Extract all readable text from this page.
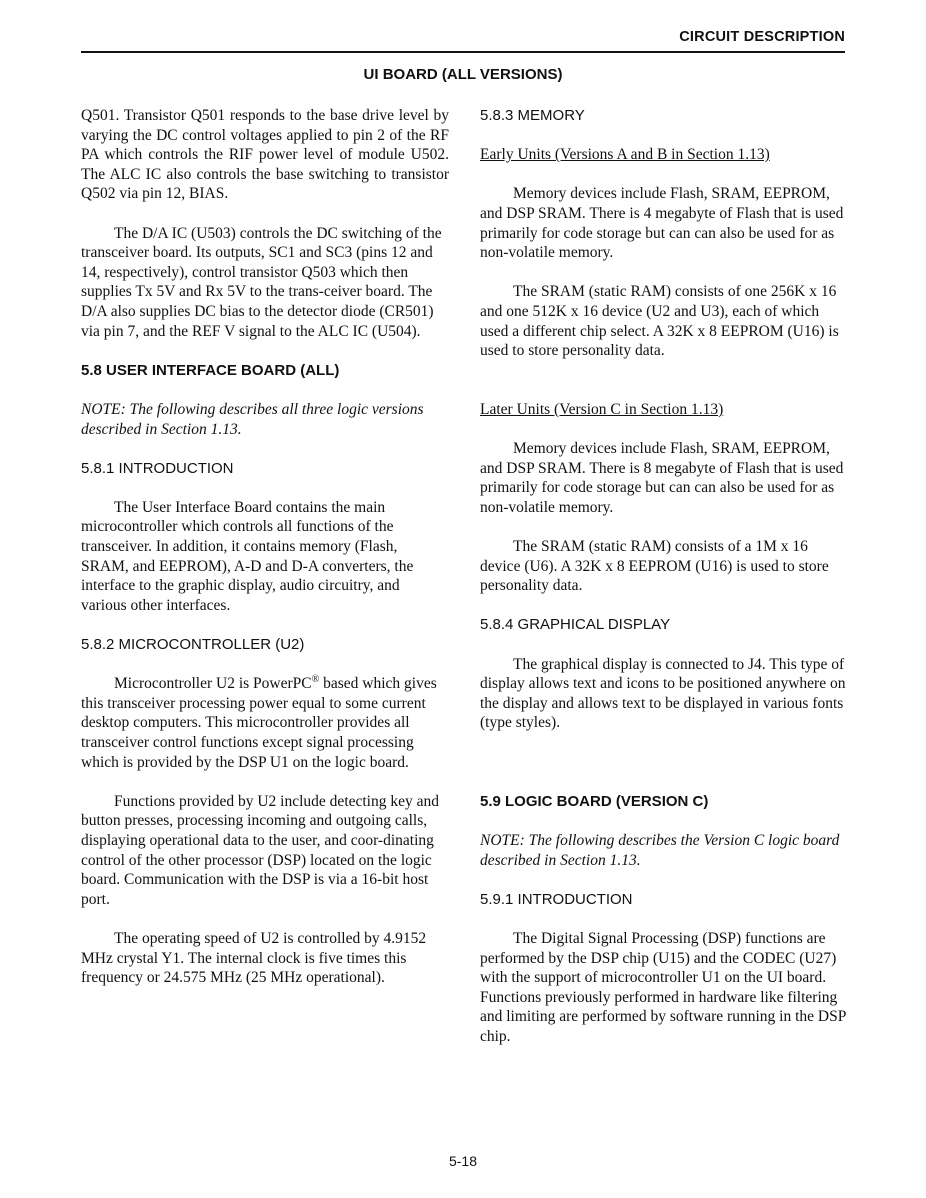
CIRCUIT DESCRIPTION
UI BOARD (ALL VERSIONS)

Q501. Transistor Q501 responds to the base drive level by varying the DC control voltages applied to pin 2 of the RF PA which controls the RIF power level of module U502. The ALC IC also controls the base switching to transistor Q502 via pin 12, BIAS.

The D/A IC (U503) controls the DC switching of the transceiver board. Its outputs, SC1 and SC3 (pins 12 and 14, respectively), control transistor Q503 which then supplies Tx 5V and Rx 5V to the trans-ceiver board. The D/A also supplies DC bias to the detector diode (CR501) via pin 7, and the REF V signal to the ALC IC (U504).

5.8 USER INTERFACE BOARD (ALL)

NOTE: The following describes all three logic versions described in Section 1.13.

5.8.1 INTRODUCTION

The User Interface Board contains the main microcontroller which controls all functions of the transceiver. In addition, it contains memory (Flash, SRAM, and EEPROM), A-D and D-A converters, the interface to the graphic display, audio circuitry, and various other interfaces.

5.8.2 MICROCONTROLLER (U2)

Microcontroller U2 is PowerPC® based which gives this transceiver processing power equal to some current desktop computers. This microcontroller provides all transceiver control functions except signal processing which is provided by the DSP U1 on the logic board.

Functions provided by U2 include detecting key and button presses, processing incoming and outgoing calls, displaying operational data to the user, and coor-dinating control of the other processor (DSP) located on the logic board. Communication with the DSP is via a 16-bit host port.

The operating speed of U2 is controlled by 4.9152 MHz crystal Y1. The internal clock is five times this frequency or 24.575 MHz (25 MHz operational).

5.8.3 MEMORY

Early Units (Versions A and B in Section 1.13)

Memory devices include Flash, SRAM, EEPROM, and DSP SRAM. There is 4 megabyte of Flash that is used primarily for code storage but can can also be used for as non-volatile memory.

The SRAM (static RAM) consists of one 256K x 16 and one 512K x 16 device (U2 and U3), each of which used a different chip select. A 32K x 8 EEPROM (U16) is used to store personality data.

Later Units (Version C in Section 1.13)

Memory devices include Flash, SRAM, EEPROM, and DSP SRAM. There is 8 megabyte of Flash that is used primarily for code storage but can can also be used for as non-volatile memory.

The SRAM (static RAM) consists of a 1M x 16 device (U6). A 32K x 8 EEPROM (U16) is used to store personality data.

5.8.4 GRAPHICAL DISPLAY

The graphical display is connected to J4. This type of display allows text and icons to be positioned anywhere on the display and allows text to be displayed in various fonts (type styles).

5.9 LOGIC BOARD (VERSION C)

NOTE: The following describes the Version C logic board described in Section 1.13.

5.9.1 INTRODUCTION

The Digital Signal Processing (DSP) functions are performed by the DSP chip (U15) and the CODEC (U27) with the support of microcontroller U1 on the UI board. Functions previously performed in hardware like filtering and limiting are performed by software running in the DSP chip.

5-18
